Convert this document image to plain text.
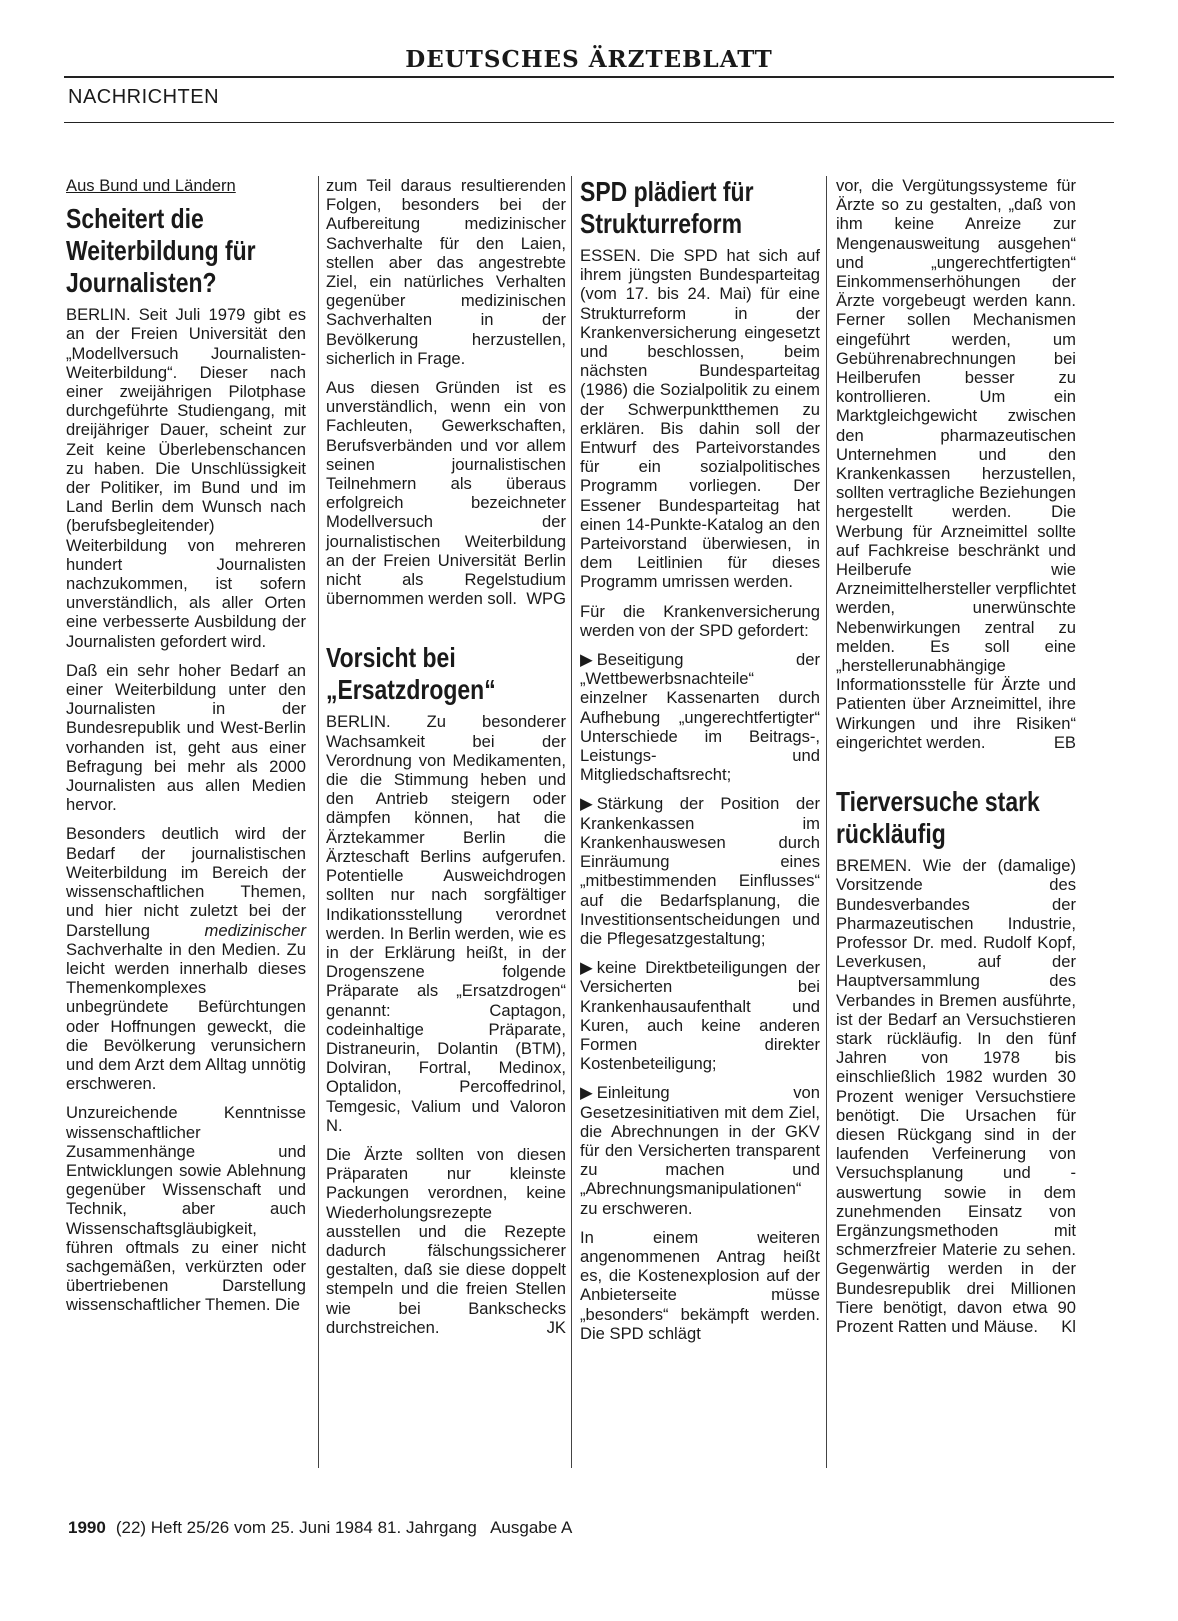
DEUTSCHES ÄRZTEBLATT
NACHRICHTEN
Aus Bund und Ländern
Scheitert die Weiterbildung für Journalisten?

BERLIN. Seit Juli 1979 gibt es an der Freien Universität den „Modellversuch Journalisten-Weiterbildung“. Dieser nach einer zweijährigen Pilotphase durchgeführte Studiengang, mit dreijähriger Dauer, scheint zur Zeit keine Überlebenschancen zu haben. Die Unschlüssigkeit der Politiker, im Bund und im Land Berlin dem Wunsch nach (berufsbegleitender) Weiterbildung von mehreren hundert Journalisten nachzukommen, ist sofern unverständlich, als aller Orten eine verbesserte Ausbildung der Journalisten gefordert wird.

Daß ein sehr hoher Bedarf an einer Weiterbildung unter den Journalisten in der Bundesrepublik und West-Berlin vorhanden ist, geht aus einer Befragung bei mehr als 2000 Journalisten aus allen Medien hervor.

Besonders deutlich wird der Bedarf der journalistischen Weiterbildung im Bereich der wissenschaftlichen Themen, und hier nicht zuletzt bei der Darstellung	medizinischer Sachverhalte in den Medien. Zu leicht werden innerhalb dieses Themenkomplexes unbegründete Befürchtungen oder Hoffnungen geweckt, die die Bevölkerung verunsichern und dem Arzt dem Alltag unnötig erschweren.

Unzureichende Kenntnisse wissenschaftlicher Zusammenhänge und Entwicklungen sowie Ablehnung gegenüber Wissenschaft und Technik, aber auch Wissenschaftsgläubigkeit, führen oftmals zu einer nicht sachgemäßen, verkürzten oder übertriebenen Darstellung wissenschaftlicher Themen. Die

zum Teil daraus resultierenden Folgen, besonders bei der Aufbereitung medizinischer Sachverhalte für den Laien, stellen aber das angestrebte Ziel, ein natürliches Verhalten gegenüber medizinischen Sachverhalten in der Bevölkerung herzustellen, sicherlich in Frage.

Aus diesen Gründen ist es unverständlich, wenn ein von Fachleuten, Gewerkschaften, Berufsverbänden und vor allem seinen journalistischen Teilnehmern als überaus erfolgreich bezeichneter Modellversuch der journalistischen Weiterbildung an der Freien Universität Berlin nicht als Regelstudium übernommen werden soll. WPG

Vorsicht bei „Ersatzdrogen“

BERLIN. Zu besonderer Wachsamkeit bei der Verordnung von Medikamenten, die die Stimmung heben und den Antrieb steigern oder dämpfen können, hat die Ärztekammer Berlin die Ärzteschaft Berlins aufgerufen. Potentielle Ausweichdrogen sollten nur nach sorgfältiger Indikationsstellung verordnet werden. In Berlin werden, wie es in der Erklärung heißt, in der Drogenszene folgende Präparate als „Ersatzdrogen“ genannt: Captagon, codeinhaltige Präparate, Distraneurin, Dolantin (BTM), Dolviran, Fortral, Medinox, Optalidon, Percoffedrinol, Temgesic, Valium und Valoron N.

Die Ärzte sollten von diesen Präparaten nur kleinste Packungen verordnen, keine Wiederholungsrezepte ausstellen und die Rezepte dadurch fälschungssicherer gestalten, daß sie diese doppelt stempeln und die freien Stellen wie bei Bankschecks durchstreichen.	JK

SPD plädiert für Strukturreform

ESSEN. Die SPD hat sich auf ihrem jüngsten Bundesparteitag (vom 17. bis 24. Mai) für eine Strukturreform in der Krankenversicherung eingesetzt und beschlossen, beim nächsten Bundesparteitag (1986) die Sozialpolitik zu einem der Schwerpunktthemen zu erklären. Bis dahin soll der Entwurf des Parteivorstandes für ein sozialpolitisches Programm vorliegen. Der Essener Bundesparteitag hat einen 14-Punkte-Katalog an den Parteivorstand überwiesen, in dem Leitlinien für dieses Programm umrissen werden.

Für die Krankenversicherung werden von der SPD gefordert:

▶ Beseitigung der „Wettbewerbsnachteile“ einzelner Kassenarten durch Aufhebung „ungerechtfertigter“ Unterschiede im Beitrags-, Leistungs- und Mitgliedschaftsrecht;

▶ Stärkung der Position der Krankenkassen im Krankenhauswesen durch Einräumung eines „mitbestimmenden Einflusses“ auf die Bedarfsplanung, die Investitionsentscheidungen und die Pflegesatzgestaltung;

▶ keine Direktbeteiligungen der Versicherten bei Krankenhausaufenthalt und Kuren, auch keine anderen Formen direkter Kostenbeteiligung;

▶ Einleitung von Gesetzesinitiativen mit dem Ziel, die Abrechnungen in der GKV für den Versicherten transparent zu machen und „Abrechnungsmanipulationen“ zu erschweren.

In einem weiteren angenommenen Antrag heißt es, die Kostenexplosion auf der Anbieterseite müsse „besonders“ bekämpft werden. Die SPD schlägt

vor, die Vergütungssysteme für Ärzte so zu gestalten, „daß von ihm keine Anreize zur Mengenausweitung ausgehen“ und „ungerechtfertigten“ Einkommenserhöhungen der Ärzte vorgebeugt werden kann. Ferner sollen Mechanismen eingeführt werden, um Gebührenabrechnungen bei Heilberufen besser zu kontrollieren. Um ein Marktgleichgewicht zwischen den pharmazeutischen Unternehmen und den Krankenkassen herzustellen, sollten vertragliche Beziehungen hergestellt werden. Die Werbung für Arzneimittel sollte auf Fachkreise beschränkt und Heilberufe wie Arzneimittelhersteller verpflichtet werden, unerwünschte Nebenwirkungen zentral zu melden. Es soll eine „herstellerunabhängige Informationsstelle für Ärzte und Patienten über Arzneimittel, ihre Wirkungen und ihre Risiken“ eingerichtet werden.	EB

Tierversuche stark rückläufig

BREMEN. Wie der (damalige) Vorsitzende des Bundesverbandes der Pharmazeutischen Industrie, Professor Dr. med. Rudolf Kopf, Leverkusen, auf der Hauptversammlung des Verbandes in Bremen ausführte, ist der Bedarf an Versuchstieren stark rückläufig. In den fünf Jahren von 1978 bis einschließlich 1982 wurden 30 Prozent weniger Versuchstiere benötigt. Die Ursachen für diesen Rückgang sind in der laufenden Verfeinerung von Versuchsplanung und -auswertung sowie in dem zunehmenden Einsatz von Ergänzungsmethoden mit schmerzfreier Materie zu sehen. Gegenwärtig werden in der Bundesrepublik drei Millionen Tiere benötigt, davon etwa 90 Prozent Ratten und Mäuse. Kl

1990 (22) Heft 25/26 vom 25. Juni 1984 81. Jahrgang   Ausgabe A
